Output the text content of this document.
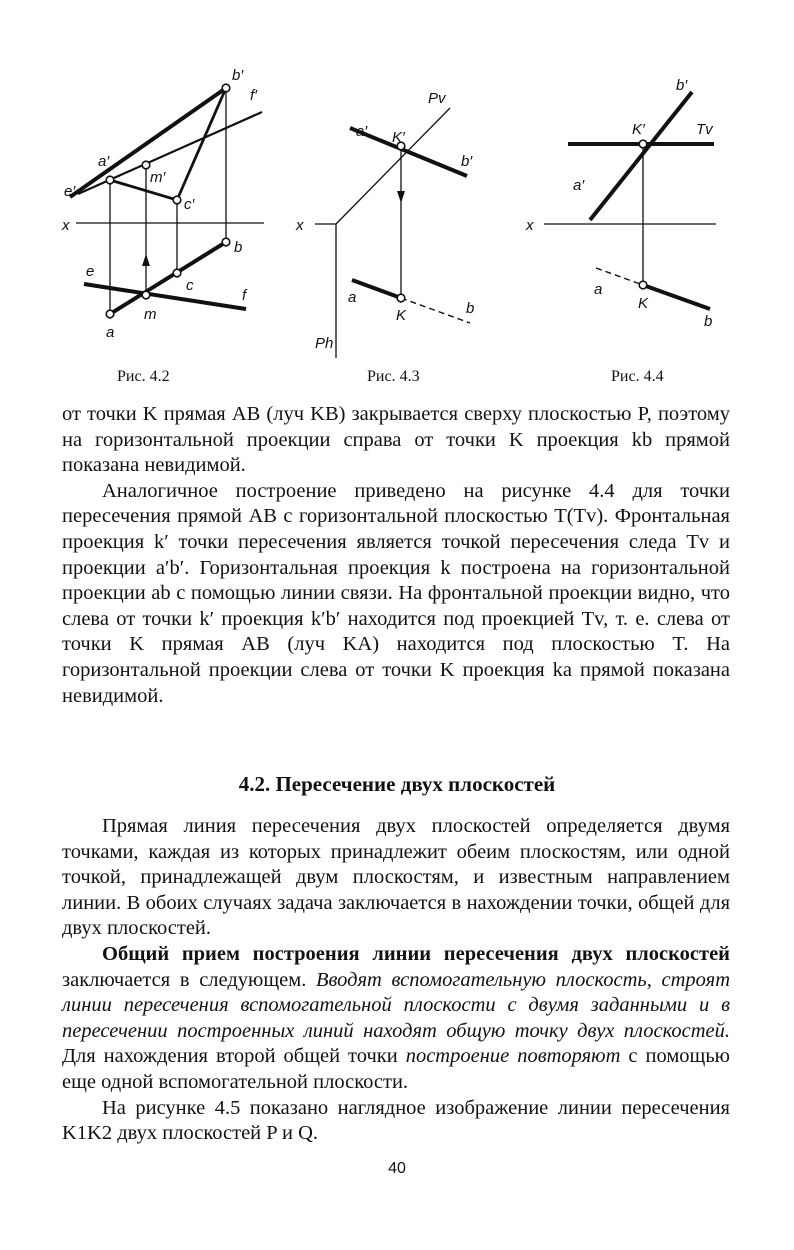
b′
f′
a′
m′
e′
c′
x
b
e
c
f
m
a
Pv
a′ K′
b′
x
a
K	b
Ph
b′
K′	Tv
a′
x
a
K
b
Рис. 4.2	Рис. 4.3	Рис. 4.4

от точки K прямая AB (луч KB) закрывается сверху плоскостью P, поэтому на горизонтальной проекции справа от точки K проекция kb прямой показана невидимой.

Аналогичное построение приведено на рисунке 4.4 для точки пересечения прямой AB с горизонтальной плоскостью T(Tv). Фронтальная проекция k′ точки пересечения является точкой пересечения следа Tv и проекции a′b′. Горизонтальная проекция k построена на горизонтальной проекции ab с помощью линии связи. На фронтальной проекции видно, что слева от точки k′ проекция k′b′ находится под проекцией Tv, т. е. слева от точки K прямая AB (луч KA) находится под плоскостью T. На горизонтальной проекции слева от точки K проекция ka прямой показана невидимой.

4.2. Пересечение двух плоскостей

Прямая линия пересечения двух плоскостей определяется двумя точками, каждая из которых принадлежит обеим плоскостям, или одной точкой, принадлежащей двум плоскостям, и известным направлением линии. В обоих случаях задача заключается в нахождении точки, общей для двух плоскостей.

Общий прием построения линии пересечения двух плоскостей заключается в следующем. Вводят вспомогательную плоскость, строят линии пересечения вспомогательной плоскости с двумя заданными и в пересечении построенных линий находят общую точку двух плоскостей. Для нахождения второй общей точки построение повторяют с помощью еще одной вспомогательной плоскости.

На рисунке 4.5 показано наглядное изображение линии пересечения K1K2 двух плоскостей P и Q.

40
